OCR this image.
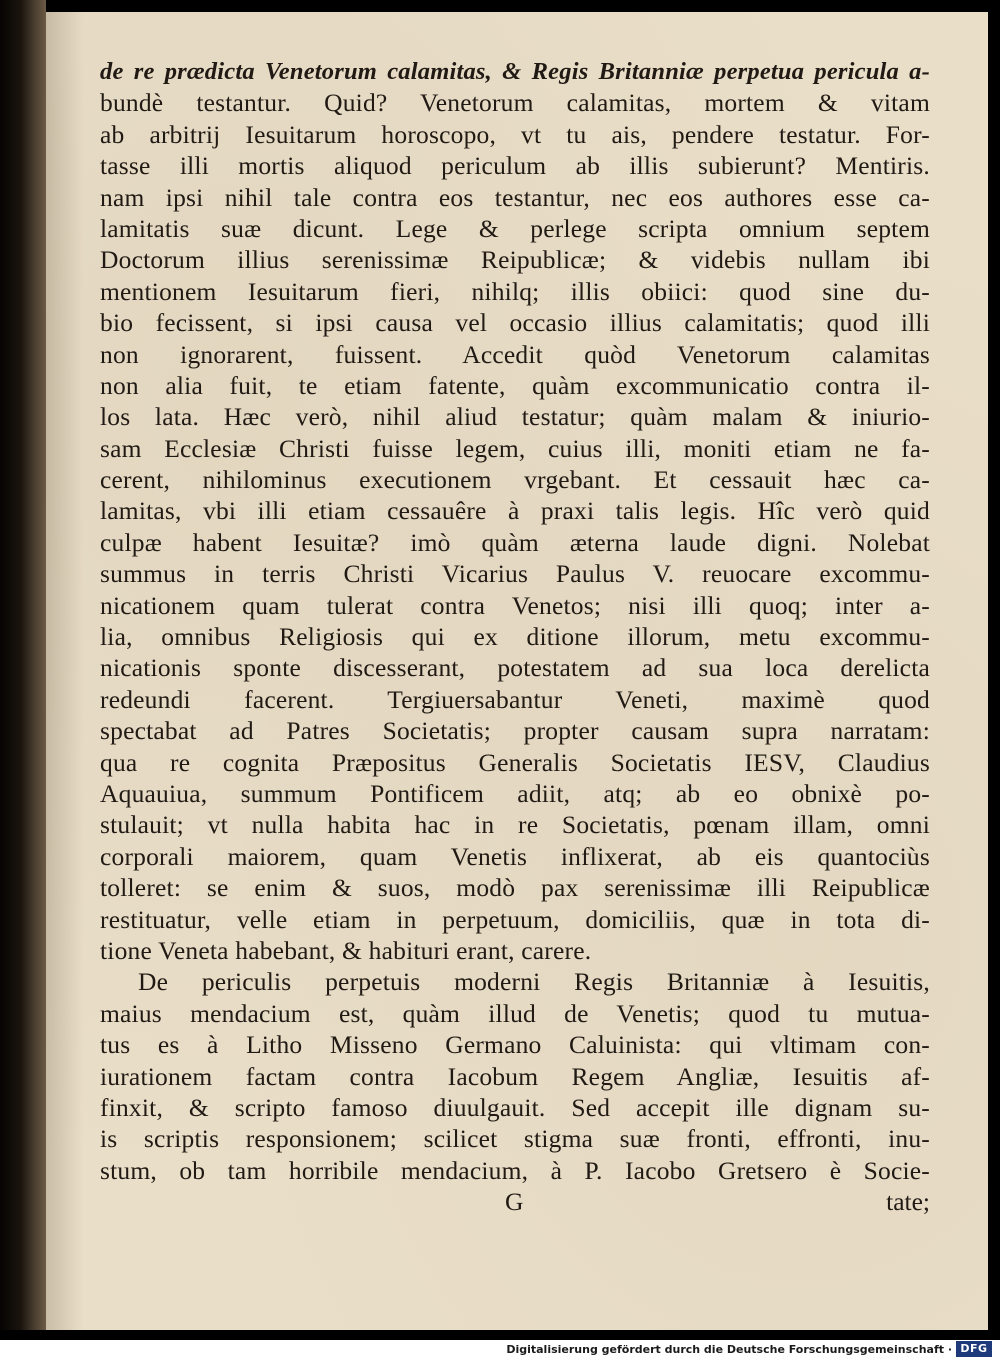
de re prædicta Venetorum calamitas, & Regis Britanniæ perpetua pericula a-
bundè testantur. Quid? Venetorum calamitas, mortem & vitam
ab arbitrij Iesuitarum horoscopo, vt tu ais, pendere testatur. For-
tasse illi mortis aliquod periculum ab illis subierunt? Mentiris.
nam ipsi nihil tale contra eos testantur, nec eos authores esse ca-
lamitatis suæ dicunt. Lege & perlege scripta omnium septem
Doctorum illius serenissimæ Reipublicæ; & videbis nullam ibi
mentionem Iesuitarum fieri, nihilq; illis obiici: quod sine du-
bio fecissent, si ipsi causa vel occasio illius calamitatis; quod illi
non ignorarent, fuissent. Accedit quòd Venetorum calamitas
non alia fuit, te etiam fatente, quàm excommunicatio contra il-
los lata. Hæc verò, nihil aliud testatur; quàm malam & iniurio-
sam Ecclesiæ Christi fuisse legem, cuius illi, moniti etiam ne fa-
cerent, nihilominus executionem vrgebant. Et cessauit hæc ca-
lamitas, vbi illi etiam cessauêre à praxi talis legis. Hîc verò quid
culpæ habent Iesuitæ? imò quàm æterna laude digni. Nolebat
summus in terris Christi Vicarius Paulus V. reuocare excommu-
nicationem quam tulerat contra Venetos; nisi illi quoq; inter a-
lia, omnibus Religiosis qui ex ditione illorum, metu excommu-
nicationis sponte discesserant, potestatem ad sua loca derelicta
redeundi facerent. Tergiuersabantur Veneti, maximè quod
spectabat ad Patres Societatis; propter causam supra narratam:
qua re cognita Præpositus Generalis Societatis IESV, Claudius
Aquauiua, summum Pontificem adiit, atq; ab eo obnixè po-
stulauit; vt nulla habita hac in re Societatis, pœnam illam, omni
corporali maiorem, quam Venetis inflixerat, ab eis quantociùs
tolleret: se enim & suos, modò pax serenissimæ illi Reipublicæ
restituatur, velle etiam in perpetuum, domiciliis, quæ in tota di-
tione Veneta habebant, & habituri erant, carere.
De periculis perpetuis moderni Regis Britanniæ à Iesuitis,
maius mendacium est, quàm illud de Venetis; quod tu mutua-
tus es à Litho Misseno Germano Caluinista: qui vltimam con-
iurationem factam contra Iacobum Regem Angliæ, Iesuitis af-
finxit, & scripto famoso diuulgauit. Sed accepit ille dignam su-
is scriptis responsionem; scilicet stigma suæ fronti, effronti, inu-
stum, ob tam horribile mendacium, à P. Iacobo Gretsero è Socie-
G	tate;
Digitalisierung gefördert durch die Deutsche Forschungsgemeinschaft · DFG
